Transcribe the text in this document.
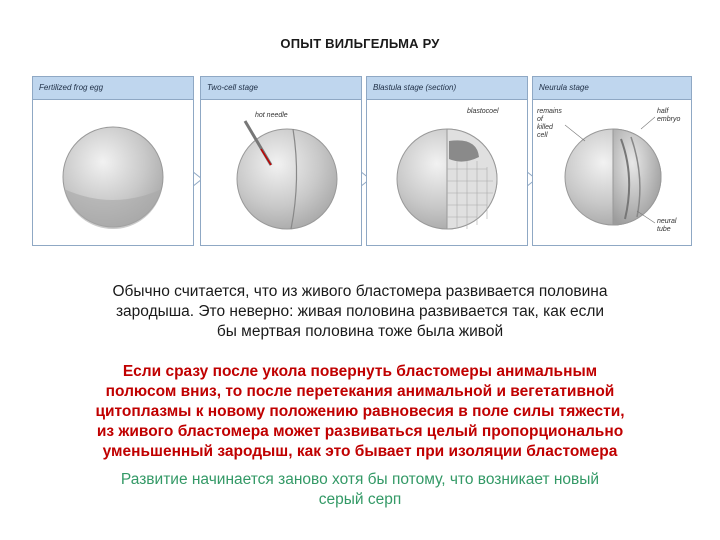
ОПЫТ ВИЛЬГЕЛЬМА РУ
Fertilized frog egg	Two-cell stage
hot needle
Blastula stage (section)
blastocoel
Neurula stage
remains
of
killed
cell
half
embryo
neural
tube
Обычно считается, что из живого бластомера развивается половина
зародыша. Это неверно: живая половина развивается так, как если
бы мертвая половина тоже была живой
Если сразу после укола повернуть бластомеры анимальным
полюсом вниз, то после перетекания анимальной и вегетативной
цитоплазмы к новому положению равновесия в поле силы тяжести,
из живого бластомера может развиваться целый пропорционально
уменьшенный зародыш, как это бывает при изоляции бластомера
Развитие начинается заново хотя бы потому, что возникает новый
серый серп
